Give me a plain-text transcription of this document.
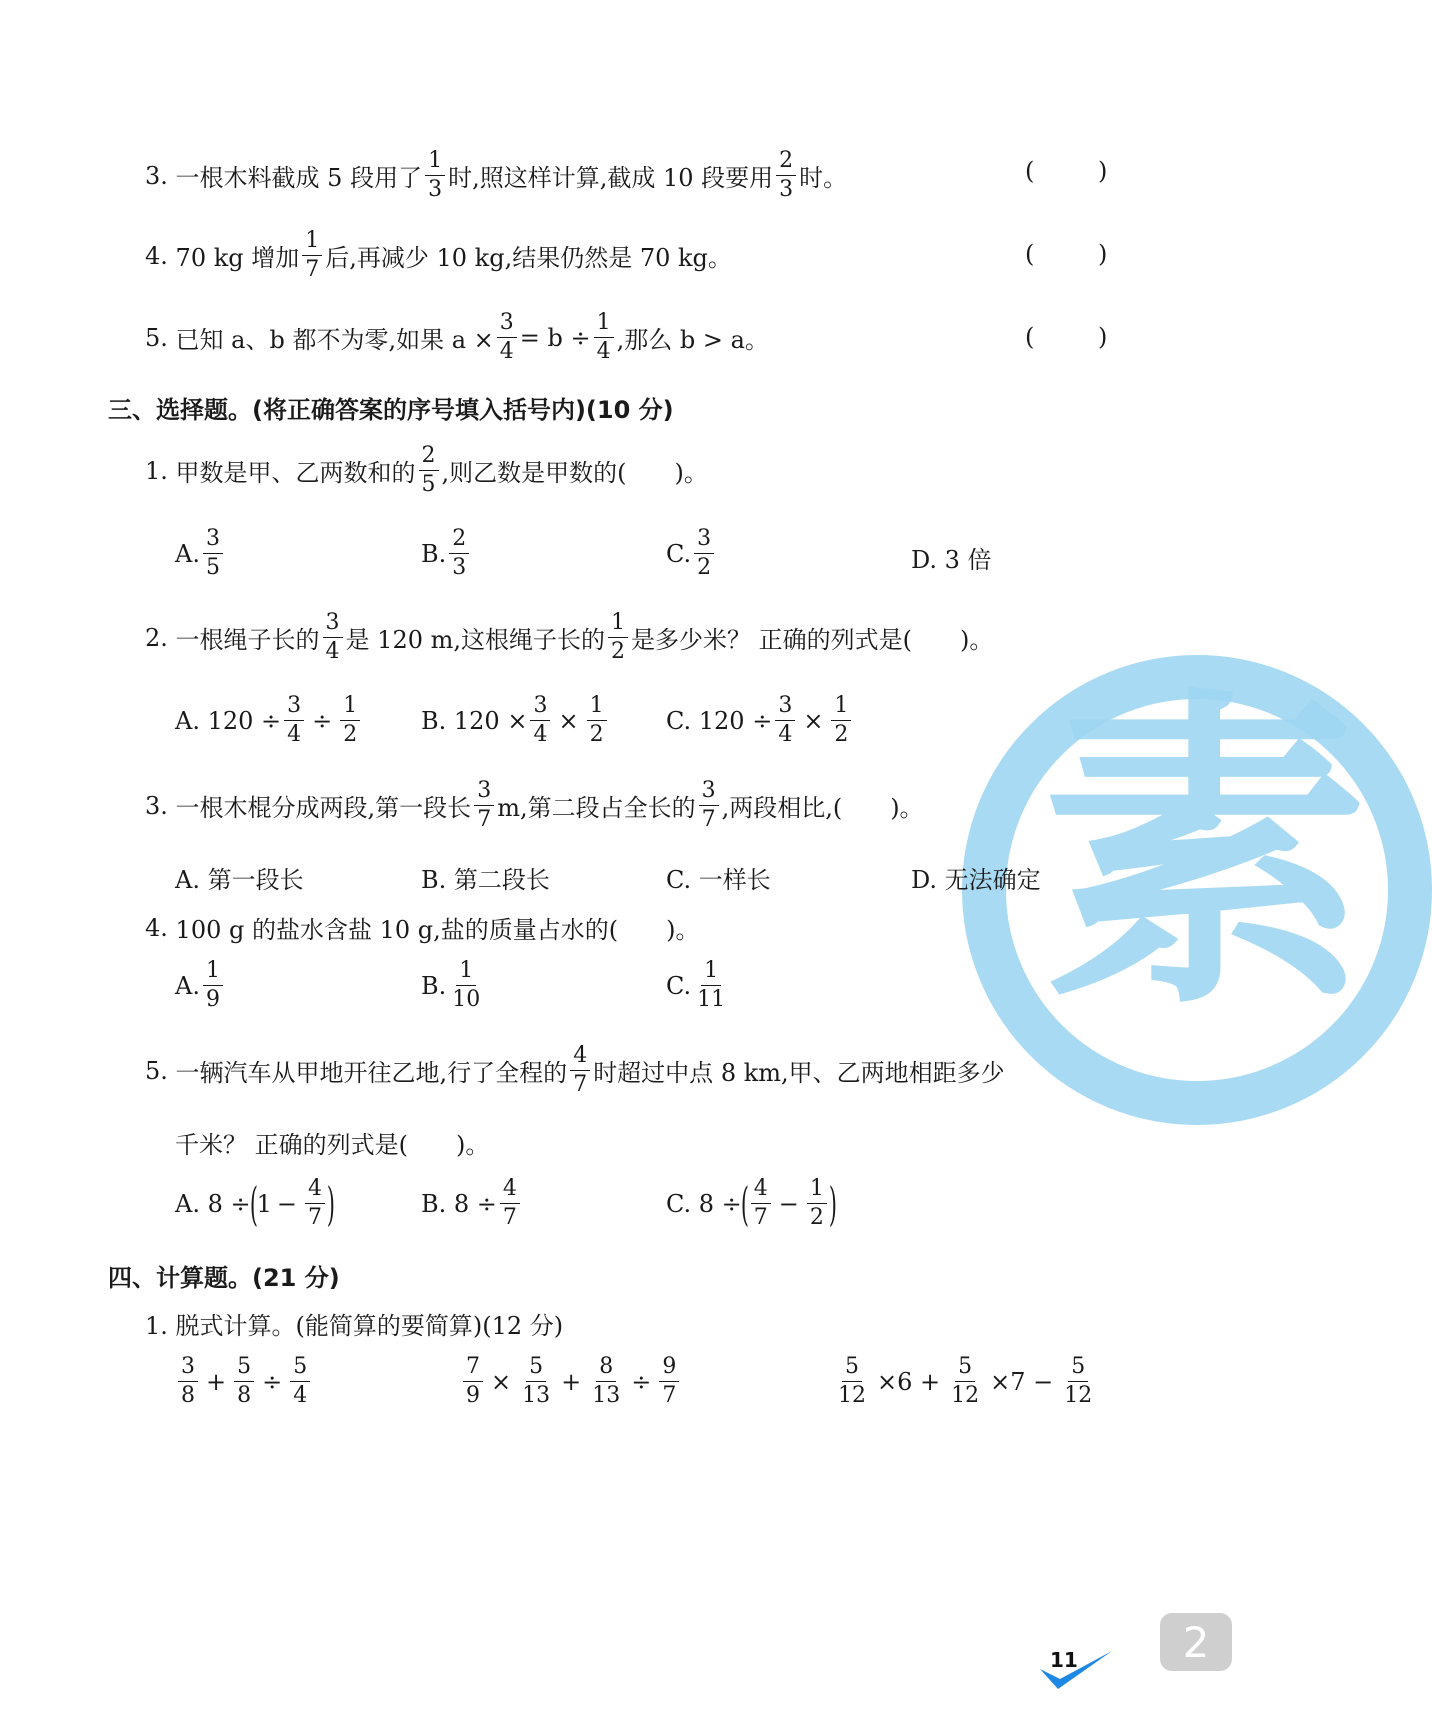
素
3.
一根木料截成 5 段用了 $\frac{1}{3}$ 时,照这样计算,截成 10 段要用 $\frac{2}{3}$ 时。	(	)
4.
70 kg 增加 $\frac{1}{7}$ 后,再减少 10 kg,结果仍然是 70 kg。	(	)
5.
已知 a、b 都不为零,如果 $a \times \frac{3}{4} = b \div \frac{1}{4}$ ,那么 b > a。	(	)
三、选择题。(将正确答案的序号填入括号内)(10 分)
1.
甲数是甲、乙两数和的 $\frac{2}{5}$ ,则乙数是甲数的(　　)。
A. $\frac{3}{5}$	B. $\frac{2}{3}$	C. $\frac{3}{2}$	D. 3 倍
2.
一根绳子长的 $\frac{3}{4}$ 是 120 m,这根绳子长的 $\frac{1}{2}$ 是多少米？ 正确的列式是(　　)。
A. $120 \div \frac{3}{4} \div \frac{1}{2}$	B. $120 \times \frac{3}{4} \times \frac{1}{2} C$. $120 \div \frac{3}{4} \times \frac{1}{2}$
3.
一根木棍分成两段,第一段长 $\frac{3}{7} m$,第二段占全长的 $\frac{3}{7}$ ,两段相比,(　　)。
A. 第一段长	B. 第二段长	C. 一样长	D. 无法确定
4.
100 g 的盐水含盐 10 g,盐的质量占水的(　　)。
A. $\frac{1}{9}$	B. $\frac{1}{10}$	C. $\frac{1}{11}$
5.
一辆汽车从甲地开往乙地,行了全程的 $\frac{4}{7}$ 时超过中点 8 km,甲、乙两地相距多少
千米？ 正确的列式是(　　)。
A. 8 ÷
(
$1 - \frac{4}{7}$ )	B. $8 \div \frac{4}{7}$	C. 8 ÷
( $\frac{4}{7} - \frac{1}{2}$ )
四、计算题。(21 分)
1. 脱式计算。(能简算的要简算)(12 分)
$\frac{3}{8} + \frac{5}{8} \div \frac{5}{4}$	$\frac{7}{9} \times \frac{5}{13} + \frac{8}{13} \div \frac{9}{7}$	$\frac{5}{12} \times 6 + \frac{5}{12} \times 7 - \frac{5}{12}$
11 2
